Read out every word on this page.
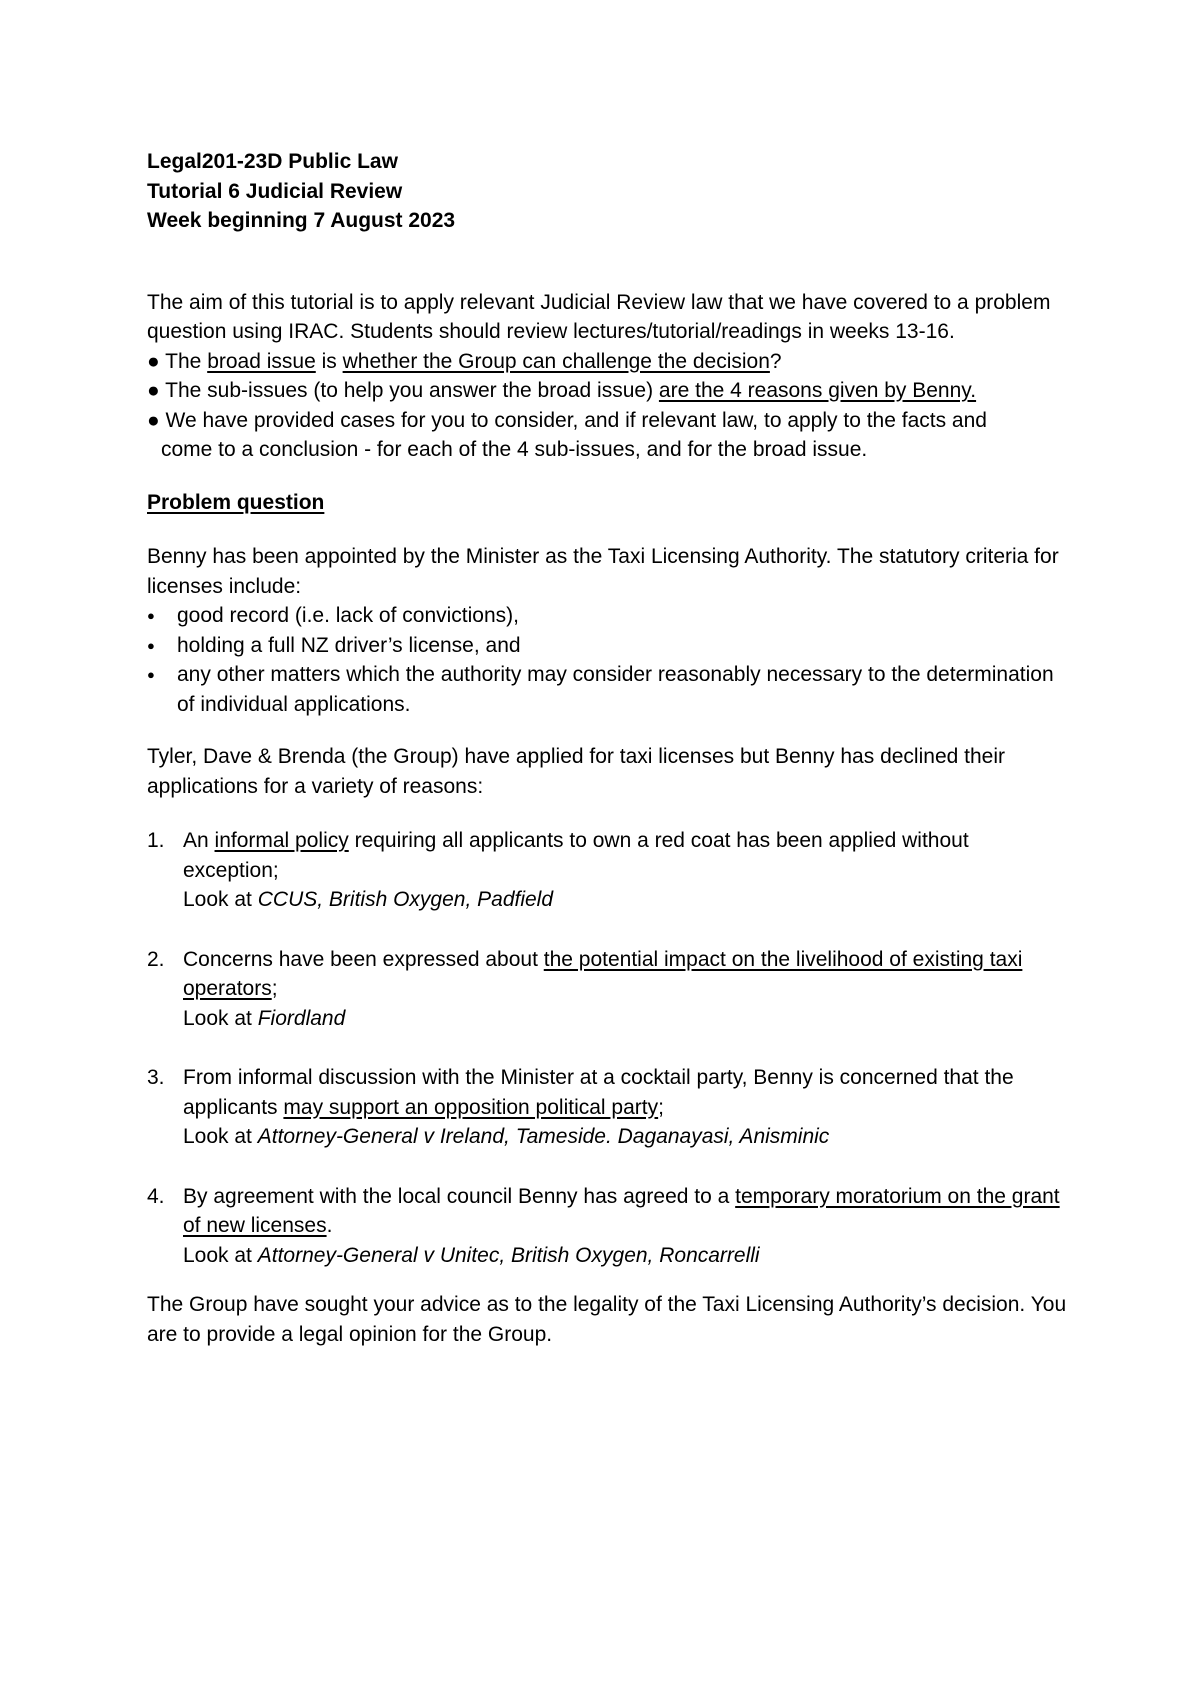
Legal201-23D Public Law

Tutorial 6 Judicial Review

Week beginning 7 August 2023

The aim of this tutorial is to apply relevant Judicial Review law that we have covered to a problem question using IRAC. Students should review lectures/tutorial/readings in weeks 13-16.

● The broad issue is whether the Group can challenge the decision?

● The sub-issues (to help you answer the broad issue) are the 4 reasons given by Benny.

● We have provided cases for you to consider, and if relevant law, to apply to the facts and
come to a conclusion - for each of the 4 sub-issues, and for the broad issue.

Problem question

Benny has been appointed by the Minister as the Taxi Licensing Authority. The statutory criteria for licenses include:

● good record (i.e. lack of convictions),
● holding a full NZ driver’s license, and
● any other matters which the authority may consider reasonably necessary to the determination of individual applications.

Tyler, Dave & Brenda (the Group) have applied for taxi licenses but Benny has declined their applications for a variety of reasons:

1. An informal policy requiring all applicants to own a red coat has been applied without exception;
Look at CCUS, British Oxygen, Padfield
2. Concerns have been expressed about the potential impact on the livelihood of existing taxi operators;
Look at Fiordland
3. From informal discussion with the Minister at a cocktail party, Benny is concerned that the applicants may support an opposition political party;
Look at Attorney-General v Ireland, Tameside. Daganayasi, Anisminic
4. By agreement with the local council Benny has agreed to a temporary moratorium on the grant of new licenses.
Look at Attorney-General v Unitec, British Oxygen, Roncarrelli

The Group have sought your advice as to the legality of the Taxi Licensing Authority’s decision. You are to provide a legal opinion for the Group.
